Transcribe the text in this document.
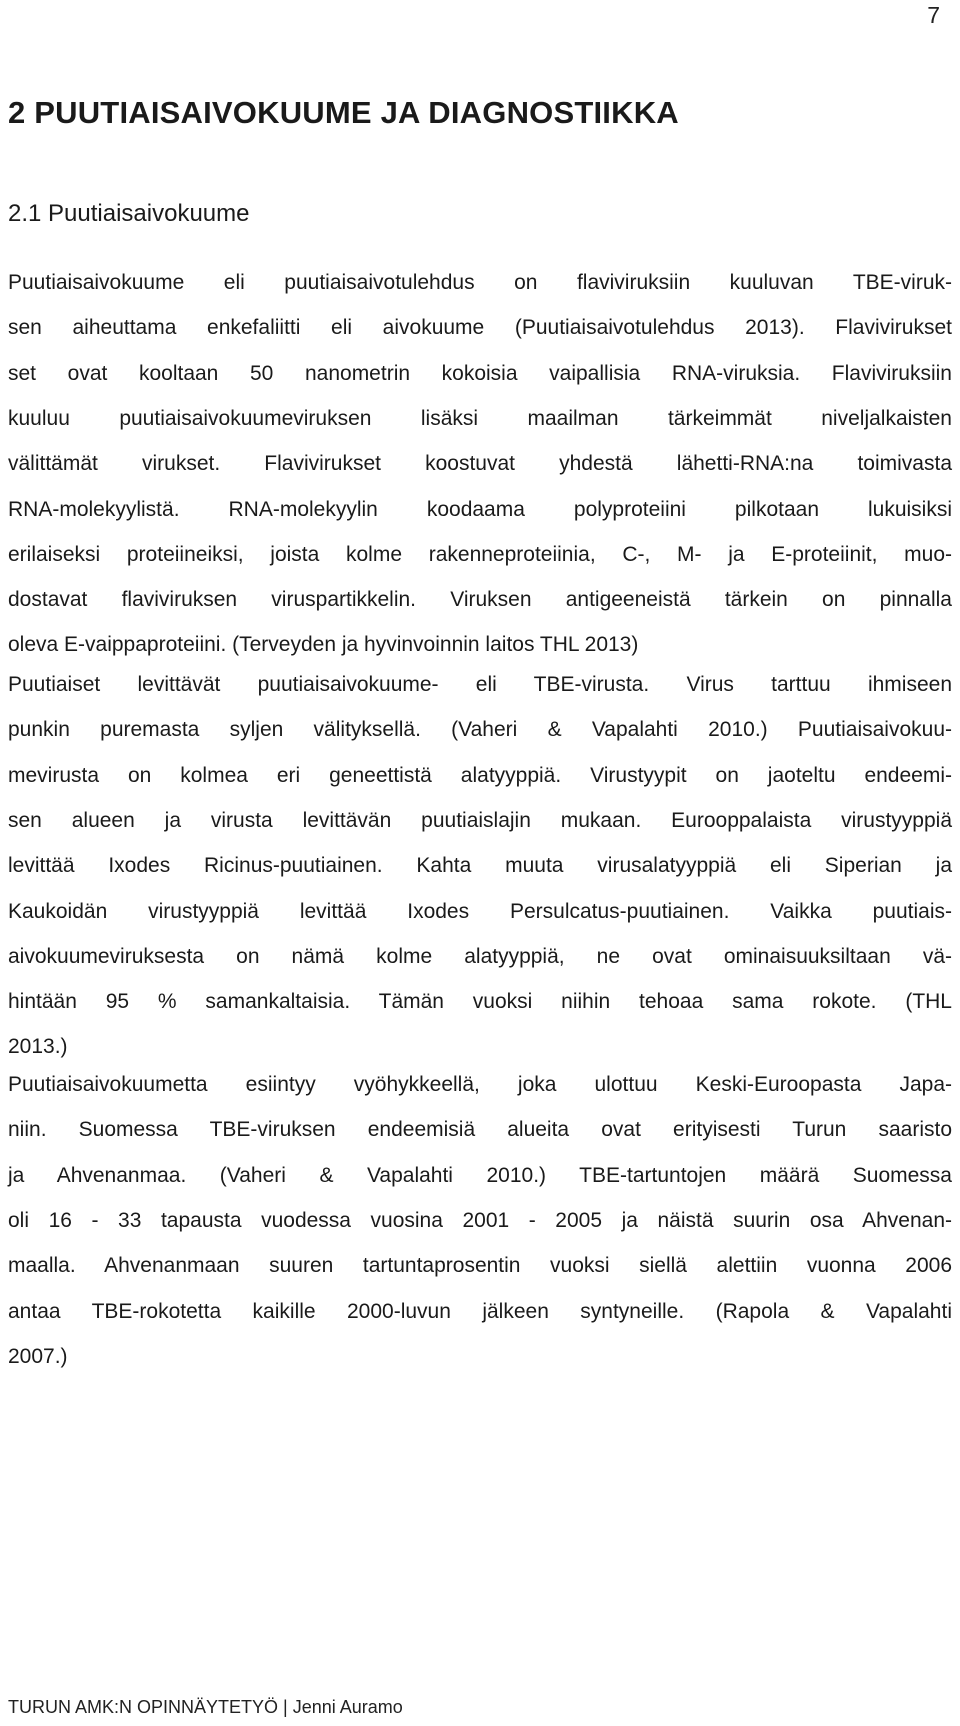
7
2 PUUTIAISAIVOKUUME JA DIAGNOSTIIKKA
2.1 Puutiaisaivokuume
Puutiaisaivokuume eli puutiaisaivotulehdus on flaviviruksiin kuuluvan TBE-viruk-
sen aiheuttama enkefaliitti eli aivokuume (Puutiaisaivotulehdus 2013). Flavivirukset
set ovat kooltaan 50 nanometrin kokoisia vaipallisia RNA-viruksia. Flaviviruksiin
kuuluu puutiaisaivokuumeviruksen lisäksi maailman tärkeimmät niveljalkaisten
välittämät virukset. Flavivirukset koostuvat yhdestä lähetti-RNA:na toimivasta
RNA-molekyylistä. RNA-molekyylin koodaama polyproteiini pilkotaan lukuisiksi
erilaiseksi proteiineiksi, joista kolme rakenneproteiinia, C-, M- ja E-proteiinit, muo-
dostavat flaviviruksen viruspartikkelin. Viruksen antigeeneistä tärkein on pinnalla
oleva E-vaippaproteiini. (Terveyden ja hyvinvoinnin laitos THL 2013)
Puutiaiset levittävät puutiaisaivokuume- eli TBE-virusta. Virus tarttuu ihmiseen
punkin puremasta syljen välityksellä. (Vaheri & Vapalahti 2010.) Puutiaisaivokuu-
mevirusta on kolmea eri geneettistä alatyyppiä. Virustyypit on jaoteltu endeemi-
sen alueen ja virusta levittävän puutiaislajin mukaan. Eurooppalaista virustyyppiä
levittää Ixodes Ricinus-puutiainen. Kahta muuta virusalatyyppiä eli Siperian ja
Kaukoidän virustyyppiä levittää Ixodes Persulcatus-puutiainen. Vaikka puutiais-
aivokuumeviruksesta on nämä kolme alatyyppiä, ne ovat ominaisuuksiltaan vä-
hintään 95 % samankaltaisia. Tämän vuoksi niihin tehoaa sama rokote. (THL
2013.)
Puutiaisaivokuumetta esiintyy vyöhykkeellä, joka ulottuu Keski-Euroopasta Japa-
niin. Suomessa TBE-viruksen endeemisiä alueita ovat erityisesti Turun saaristo
ja Ahvenanmaa. (Vaheri & Vapalahti 2010.) TBE-tartuntojen määrä Suomessa
oli 16 - 33 tapausta vuodessa vuosina 2001 - 2005 ja näistä suurin osa Ahvenan-
maalla. Ahvenanmaan suuren tartuntaprosentin vuoksi siellä alettiin vuonna 2006
antaa TBE-rokotetta kaikille 2000-luvun jälkeen syntyneille. (Rapola & Vapalahti
2007.)
TURUN AMK:N OPINNÄYTETYÖ | Jenni Auramo
